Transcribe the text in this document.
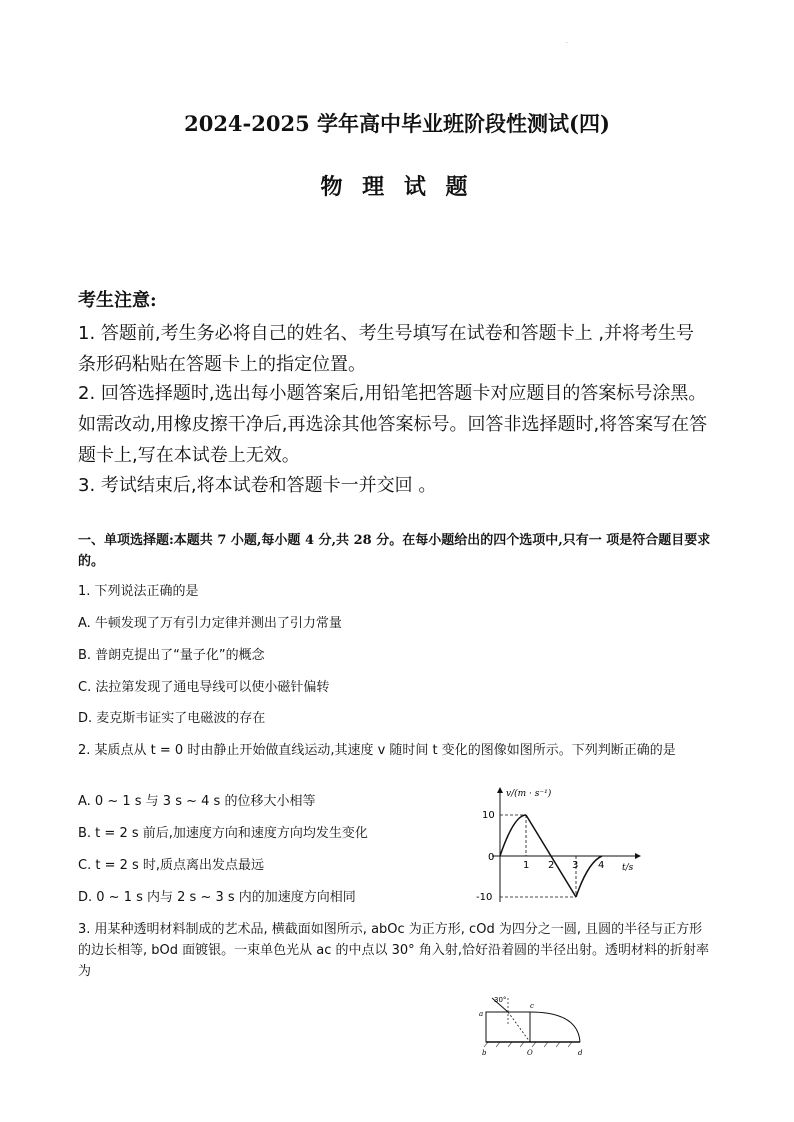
·
2024-2025 学年高中毕业班阶段性测试(四)
物 理 试 题
考生注意:
1. 答题前,考生务必将自己的姓名、考生号填写在试卷和答题卡上 ,并将考生号条形码粘贴在答题卡上的指定位置。
2. 回答选择题时,选出每小题答案后,用铅笔把答题卡对应题目的答案标号涂黑。如需改动,用橡皮擦干净后,再选涂其他答案标号。回答非选择题时,将答案写在答题卡上,写在本试卷上无效。
3. 考试结束后,将本试卷和答题卡一并交回 。
一、单项选择题:本题共 7 小题,每小题 4 分,共 28 分。在每小题给出的四个选项中,只有一 项是符合题目要求的。
1. 下列说法正确的是
A. 牛顿发现了万有引力定律并测出了引力常量
B. 普朗克提出了“量子化”的概念
C. 法拉第发现了通电导线可以使小磁针偏转
D. 麦克斯韦证实了电磁波的存在
2. 某质点从 t = 0 时由静止开始做直线运动,其速度 v 随时间 t 变化的图像如图所示。下列判断正确的是
A. 0 ~ 1 s 与 3 s ~ 4 s 的位移大小相等
B. t = 2 s 前后,加速度方向和速度方向均发生变化
C. t = 2 s 时,质点离出发点最远
D. 0 ~ 1 s 内与 2 s ~ 3 s 内的加速度方向相同
v/(m · s⁻¹)
t/s
10
0
-10
1 2 3 4
3. 用某种透明材料制成的艺术品, 横截面如图所示, abOc 为正方形, cOd 为四分之一圆, 且圆的半径与正方形的边长相等, bOd 面镀银。一束单色光从 ac 的中点以 30° 角入射,恰好沿着圆的半径出射。透明材料的折射率为
30°
a
c
b	O	d
